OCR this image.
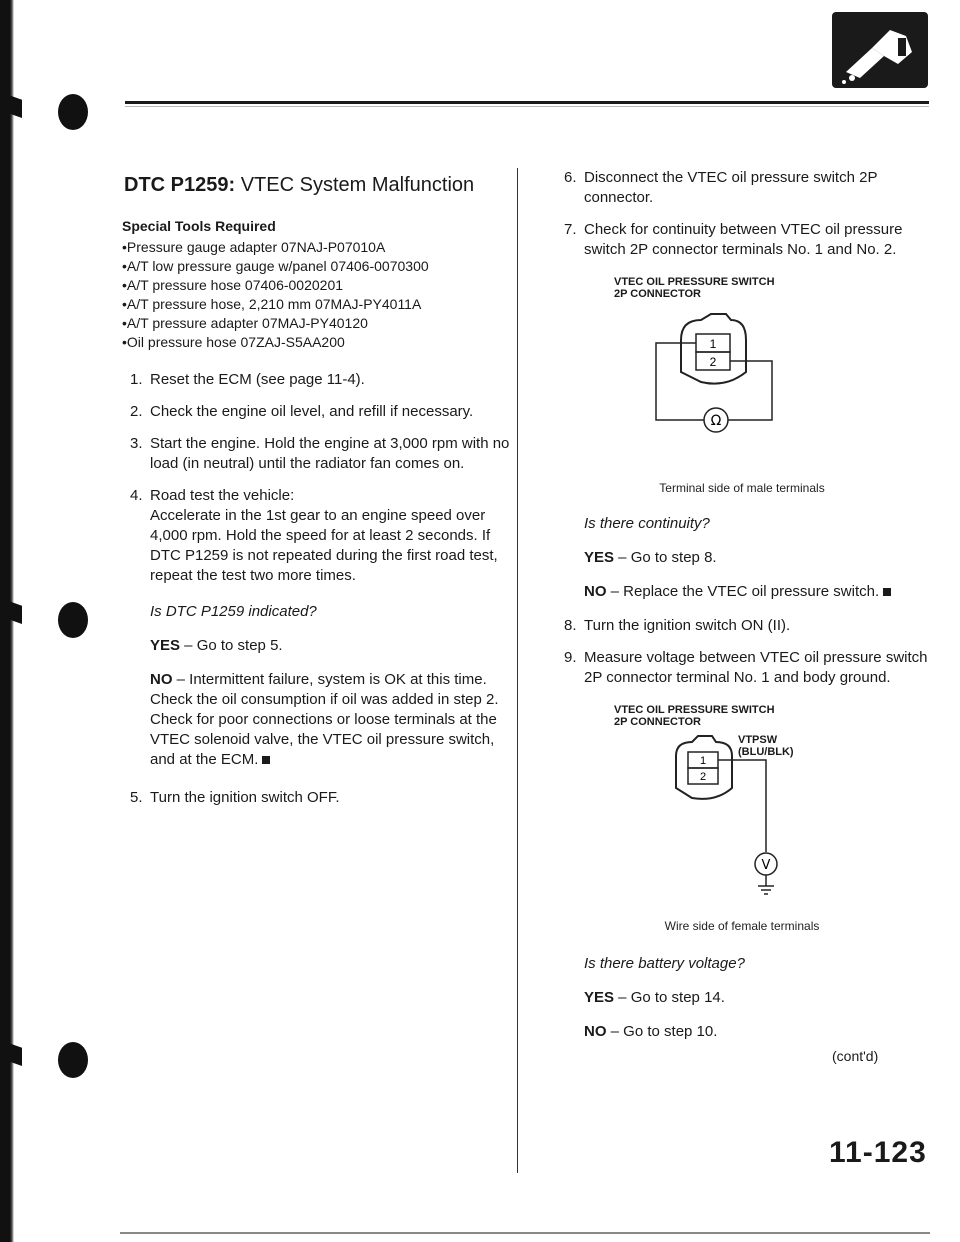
DTC P1259: VTEC System Malfunction
Special Tools Required
• Pressure gauge adapter 07NAJ-P07010A
• A/T low pressure gauge w/panel 07406-0070300
• A/T pressure hose 07406-0020201
• A/T pressure hose, 2,210 mm 07MAJ-PY4011A
• A/T pressure adapter 07MAJ-PY40120
• Oil pressure hose 07ZAJ-S5AA200
1. Reset the ECM (see page 11-4).
2. Check the engine oil level, and refill if necessary.
3. Start the engine. Hold the engine at 3,000 rpm with no load (in neutral) until the radiator fan comes on.
4. Road test the vehicle:
Accelerate in the 1st gear to an engine speed over 4,000 rpm. Hold the speed for at least 2 seconds. If DTC P1259 is not repeated during the first road test, repeat the test two more times.
Is DTC P1259 indicated?
YES – Go to step 5.
NO – Intermittent failure, system is OK at this time. Check the oil consumption if oil was added in step 2. Check for poor connections or loose terminals at the VTEC solenoid valve, the VTEC oil pressure switch, and at the ECM.
5. Turn the ignition switch OFF.
6. Disconnect the VTEC oil pressure switch 2P connector.
7. Check for continuity between VTEC oil pressure switch 2P connector terminals No. 1 and No. 2.
VTEC OIL PRESSURE SWITCH
2P CONNECTOR
1
2
Ω
Terminal side of male terminals
Is there continuity?
YES – Go to step 8.
NO – Replace the VTEC oil pressure switch.
8. Turn the ignition switch ON (II).
9. Measure voltage between VTEC oil pressure switch 2P connector terminal No. 1 and body ground.
VTEC OIL PRESSURE SWITCH
2P CONNECTOR
VTPSW
(BLU/BLK)
1
2
V
Wire side of female terminals
Is there battery voltage?
YES – Go to step 14.
NO – Go to step 10.
(cont'd)
11-123
